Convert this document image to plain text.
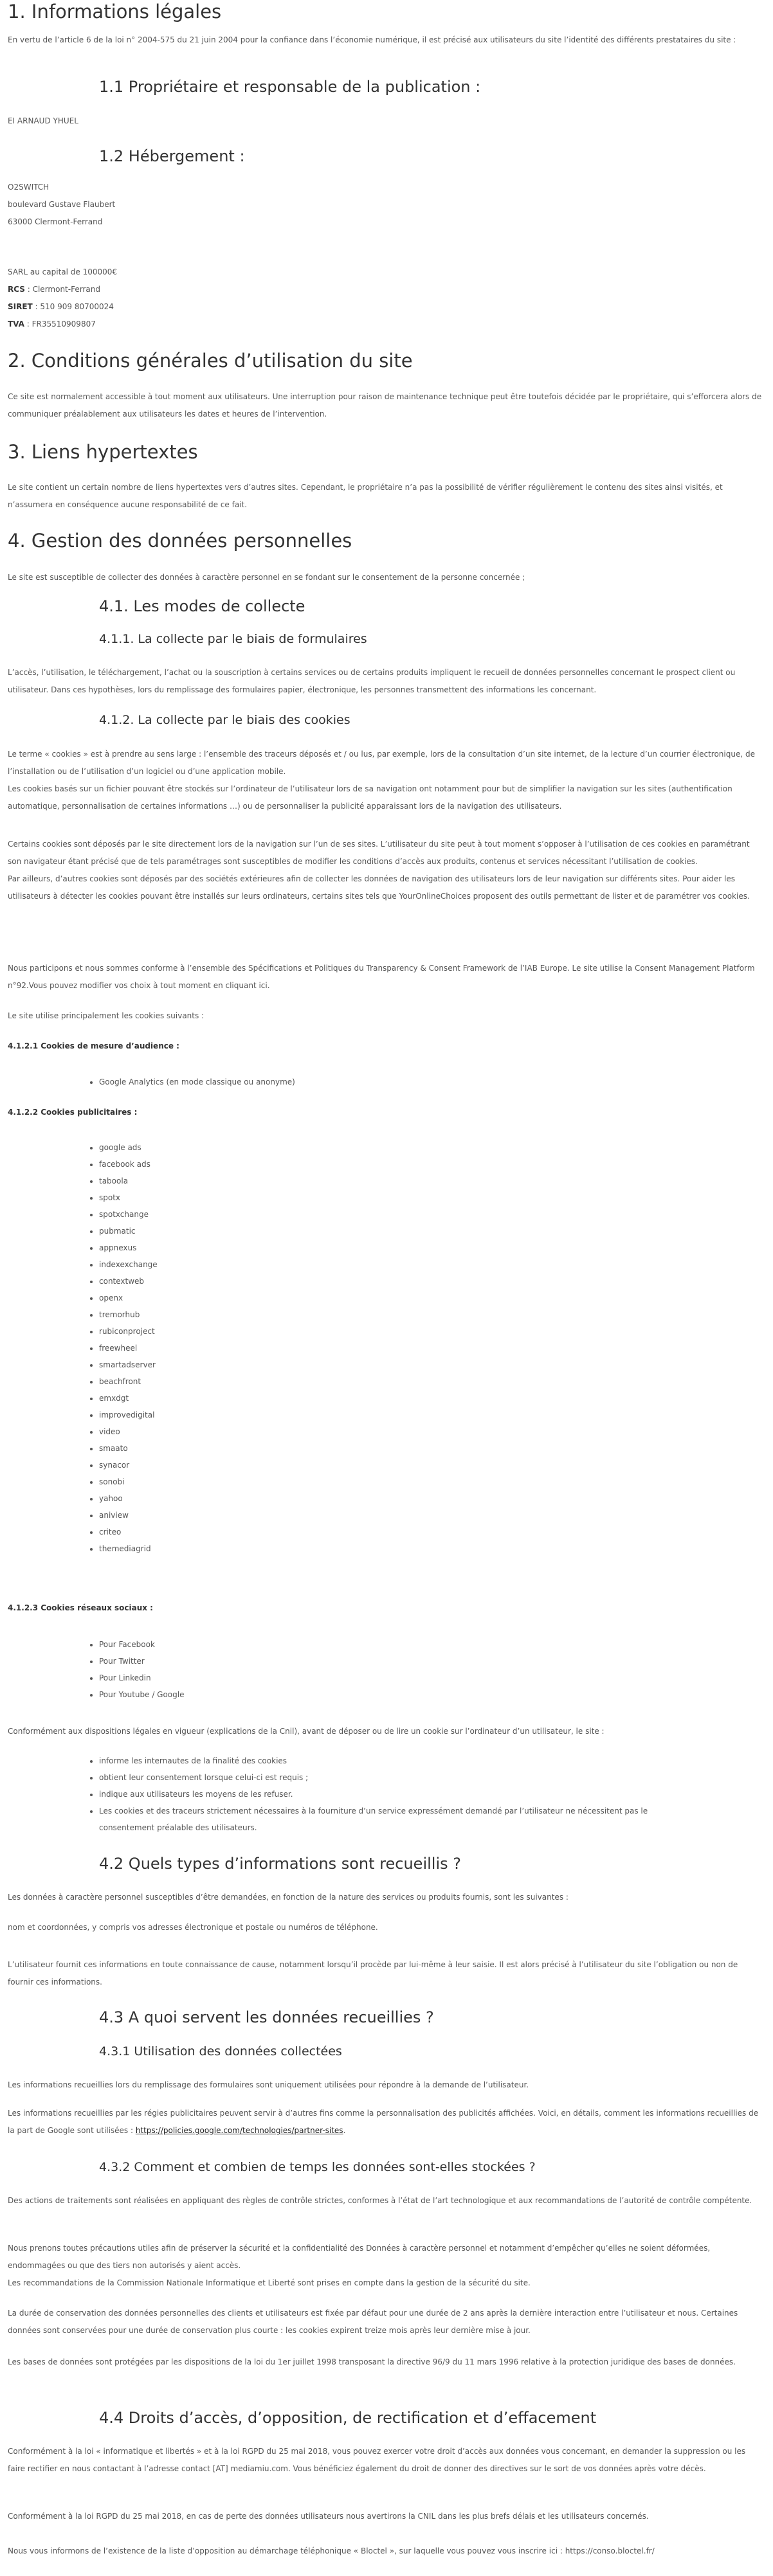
1. Informations légales

En vertu de l’article 6 de la loi n° 2004-575 du 21 juin 2004 pour la confiance dans l’économie numérique, il est précisé aux utilisateurs du site l’identité des différents prestataires du site :

1.1 Propriétaire et responsable de la publication :

EI ARNAUD YHUEL

1.2 Hébergement :
O2SWITCH
boulevard Gustave Flaubert
63000 Clermont-Ferrand
SARL au capital de 100000€
RCS : Clermont-Ferrand
SIRET : 510 909 80700024
TVA : FR35510909807
2. Conditions générales d’utilisation du site

Ce site est normalement accessible à tout moment aux utilisateurs. Une interruption pour raison de maintenance technique peut être toutefois décidée par le propriétaire, qui s’efforcera alors de communiquer préalablement aux utilisateurs les dates et heures de l’intervention.

3. Liens hypertextes

Le site contient un certain nombre de liens hypertextes vers d’autres sites. Cependant, le propriétaire n’a pas la possibilité de vérifier régulièrement le contenu des sites ainsi visités, et n’assumera en conséquence aucune responsabilité de ce fait.

4. Gestion des données personnelles

Le site est susceptible de collecter des données à caractère personnel en se fondant sur le consentement de la personne concernée ;

4.1. Les modes de collecte
4.1.1. La collecte par le biais de formulaires

L’accès, l’utilisation, le téléchargement, l’achat ou la souscription à certains services ou de certains produits impliquent le recueil de données personnelles concernant le prospect client ou utilisateur. Dans ces hypothèses, lors du remplissage des formulaires papier, électronique, les personnes transmettent des informations les concernant.

4.1.2. La collecte par le biais des cookies

Le terme « cookies » est à prendre au sens large : l’ensemble des traceurs déposés et / ou lus, par exemple, lors de la consultation d’un site internet, de la lecture d’un courrier électronique, de l’installation ou de l’utilisation d’un logiciel ou d’une application mobile.

Les cookies basés sur un fichier pouvant être stockés sur l’ordinateur de l’utilisateur lors de sa navigation ont notamment pour but de simplifier la navigation sur les sites (authentification automatique, personnalisation de certaines informations …) ou de personnaliser la publicité apparaissant lors de la navigation des utilisateurs.

Certains cookies sont déposés par le site directement lors de la navigation sur l’un de ses sites. L’utilisateur du site peut à tout moment s’opposer à l’utilisation de ces cookies en paramétrant son navigateur étant précisé que de tels paramétrages sont susceptibles de modifier les conditions d’accès aux produits, contenus et services nécessitant l’utilisation de cookies.

Par ailleurs, d’autres cookies sont déposés par des sociétés extérieures afin de collecter les données de navigation des utilisateurs lors de leur navigation sur différents sites. Pour aider les utilisateurs à détecter les cookies pouvant être installés sur leurs ordinateurs, certains sites tels que YourOnlineChoices proposent des outils permettant de lister et de paramétrer vos cookies.

Nous participons et nous sommes conforme à l’ensemble des Spécifications et Politiques du Transparency & Consent Framework de l’IAB Europe. Le site utilise la Consent Management Platform n°92.Vous pouvez modifier vos choix à tout moment en cliquant ici.

Le site utilise principalement les cookies suivants :

4.1.2.1 Cookies de mesure d’audience :

• Google Analytics (en mode classique ou anonyme)

4.1.2.2 Cookies publicitaires :

• google ads
• facebook ads
• taboola
• spotx
• spotxchange
• pubmatic
• appnexus
• indexexchange
• contextweb
• openx
• tremorhub
• rubiconproject
• freewheel
• smartadserver
• beachfront
• emxdgt
• improvedigital
• video
• smaato
• synacor
• sonobi
• yahoo
• aniview
• criteo
• themediagrid

4.1.2.3 Cookies réseaux sociaux :

• Pour Facebook
• Pour Twitter
• Pour Linkedin
• Pour Youtube / Google

Conformément aux dispositions légales en vigueur (explications de la Cnil), avant de déposer ou de lire un cookie sur l’ordinateur d’un utilisateur, le site :

• informe les internautes de la finalité des cookies
• obtient leur consentement lorsque celui-ci est requis ;
• indique aux utilisateurs les moyens de les refuser.
• Les cookies et des traceurs strictement nécessaires à la fourniture d’un service expressément demandé par l’utilisateur ne nécessitent pas le consentement préalable des utilisateurs.
4.2 Quels types d’informations sont recueillis ?

Les données à caractère personnel susceptibles d’être demandées, en fonction de la nature des services ou produits fournis, sont les suivantes :

nom et coordonnées, y compris vos adresses électronique et postale ou numéros de téléphone.

L’utilisateur fournit ces informations en toute connaissance de cause, notamment lorsqu’il procède par lui-même à leur saisie. Il est alors précisé à l’utilisateur du site l’obligation ou non de fournir ces informations.

4.3 A quoi servent les données recueillies ?
4.3.1 Utilisation des données collectées

Les informations recueillies lors du remplissage des formulaires sont uniquement utilisées pour répondre à la demande de l’utilisateur.

Les informations recueillies par les régies publicitaires peuvent servir à d’autres fins comme la personnalisation des publicités affichées. Voici, en détails, comment les informations recueillies de la part de Google sont utilisées : https://policies.google.com/technologies/partner-sites.

4.3.2 Comment et combien de temps les données sont-elles stockées ?

Des actions de traitements sont réalisées en appliquant des règles de contrôle strictes, conformes à l’état de l’art technologique et aux recommandations de l’autorité de contrôle compétente.

Nous prenons toutes précautions utiles afin de préserver la sécurité et la confidentialité des Données à caractère personnel et notamment d’empêcher qu’elles ne soient déformées, endommagées ou que des tiers non autorisés y aient accès.

Les recommandations de la Commission Nationale Informatique et Liberté sont prises en compte dans la gestion de la sécurité du site.

La durée de conservation des données personnelles des clients et utilisateurs est fixée par défaut pour une durée de 2 ans après la dernière interaction entre l’utilisateur et nous. Certaines données sont conservées pour une durée de conservation plus courte : les cookies expirent treize mois après leur dernière mise à jour.

Les bases de données sont protégées par les dispositions de la loi du 1er juillet 1998 transposant la directive 96/9 du 11 mars 1996 relative à la protection juridique des bases de données.

4.4 Droits d’accès, d’opposition, de rectification et d’effacement

Conformément à la loi « informatique et libertés » et à la loi RGPD du 25 mai 2018, vous pouvez exercer votre droit d’accès aux données vous concernant, en demander la suppression ou les faire rectifier en nous contactant à l’adresse contact [AT] mediamiu.com. Vous bénéficiez également du droit de donner des directives sur le sort de vos données après votre décès.

Conformément à la loi RGPD du 25 mai 2018, en cas de perte des données utilisateurs nous avertirons la CNIL dans les plus brefs délais et les utilisateurs concernés.

Nous vous informons de l’existence de la liste d’opposition au démarchage téléphonique « Bloctel », sur laquelle vous pouvez vous inscrire ici : https://conso.bloctel.fr/
